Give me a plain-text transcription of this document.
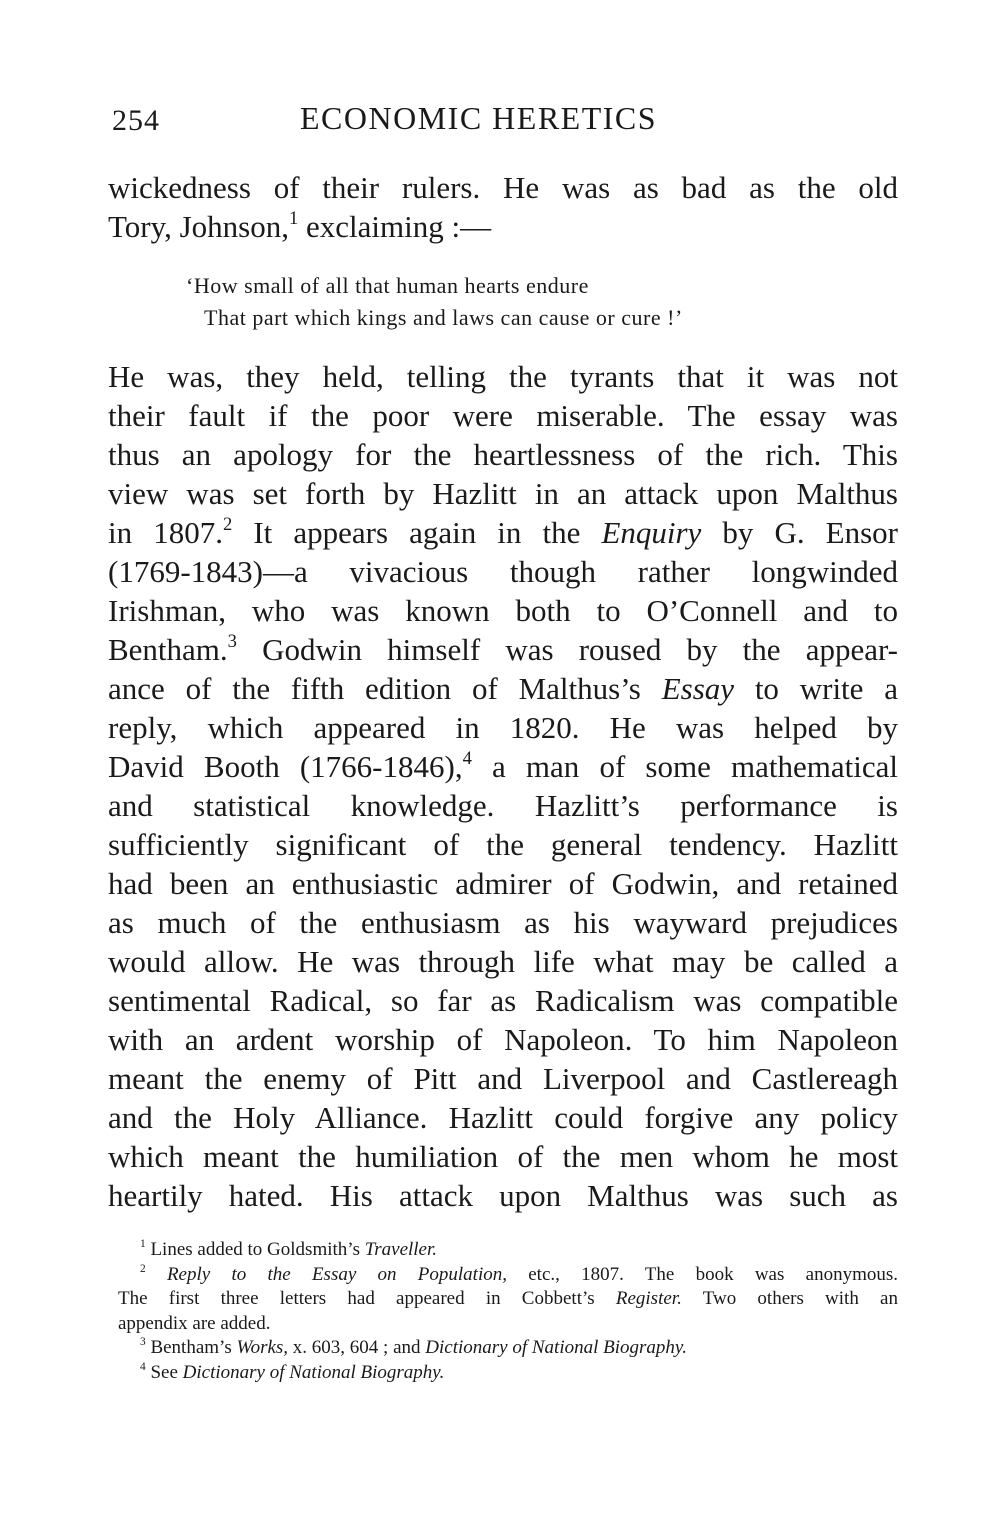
254	ECONOMIC HERETICS
wickedness of their rulers. He was as bad as the old
Tory, Johnson,$^1$ exclaiming :—
‘How small of all that human hearts endure
That part which kings and laws can cause or cure !’
He was, they held, telling the tyrants that it was not
their fault if the poor were miserable. The essay was
thus an apology for the heartlessness of the rich. This
view was set forth by Hazlitt in an attack upon Malthus
in 1807.$^2$ It appears again in the Enquiry by G. Ensor
(1769-1843)—a vivacious though rather longwinded
Irishman, who was known both to O’Connell and to
Bentham.$^3$ Godwin himself was roused by the appear-
ance of the fifth edition of Malthus’s Essay to write a
reply, which appeared in 1820. He was helped by
David Booth (1766-1846),$^4$ a man of some mathematical
and statistical knowledge. Hazlitt’s performance is
sufficiently significant of the general tendency. Hazlitt
had been an enthusiastic admirer of Godwin, and retained
as much of the enthusiasm as his wayward prejudices
would allow. He was through life what may be called a
sentimental Radical, so far as Radicalism was compatible
with an ardent worship of Napoleon. To him Napoleon
meant the enemy of Pitt and Liverpool and Castlereagh
and the Holy Alliance. Hazlitt could forgive any policy
which meant the humiliation of the men whom he most
heartily hated. His attack upon Malthus was such as
$^1$ Lines added to Goldsmith’s Traveller.
$^2$ Reply to the Essay on Population, etc., 1807. The book was anonymous.
The first three letters had appeared in Cobbett’s Register. Two others with an
appendix are added.
$^3$ Bentham’s Works, x. 603, 604 ; and Dictionary of National Biography.
$^4$ See Dictionary of National Biography.
